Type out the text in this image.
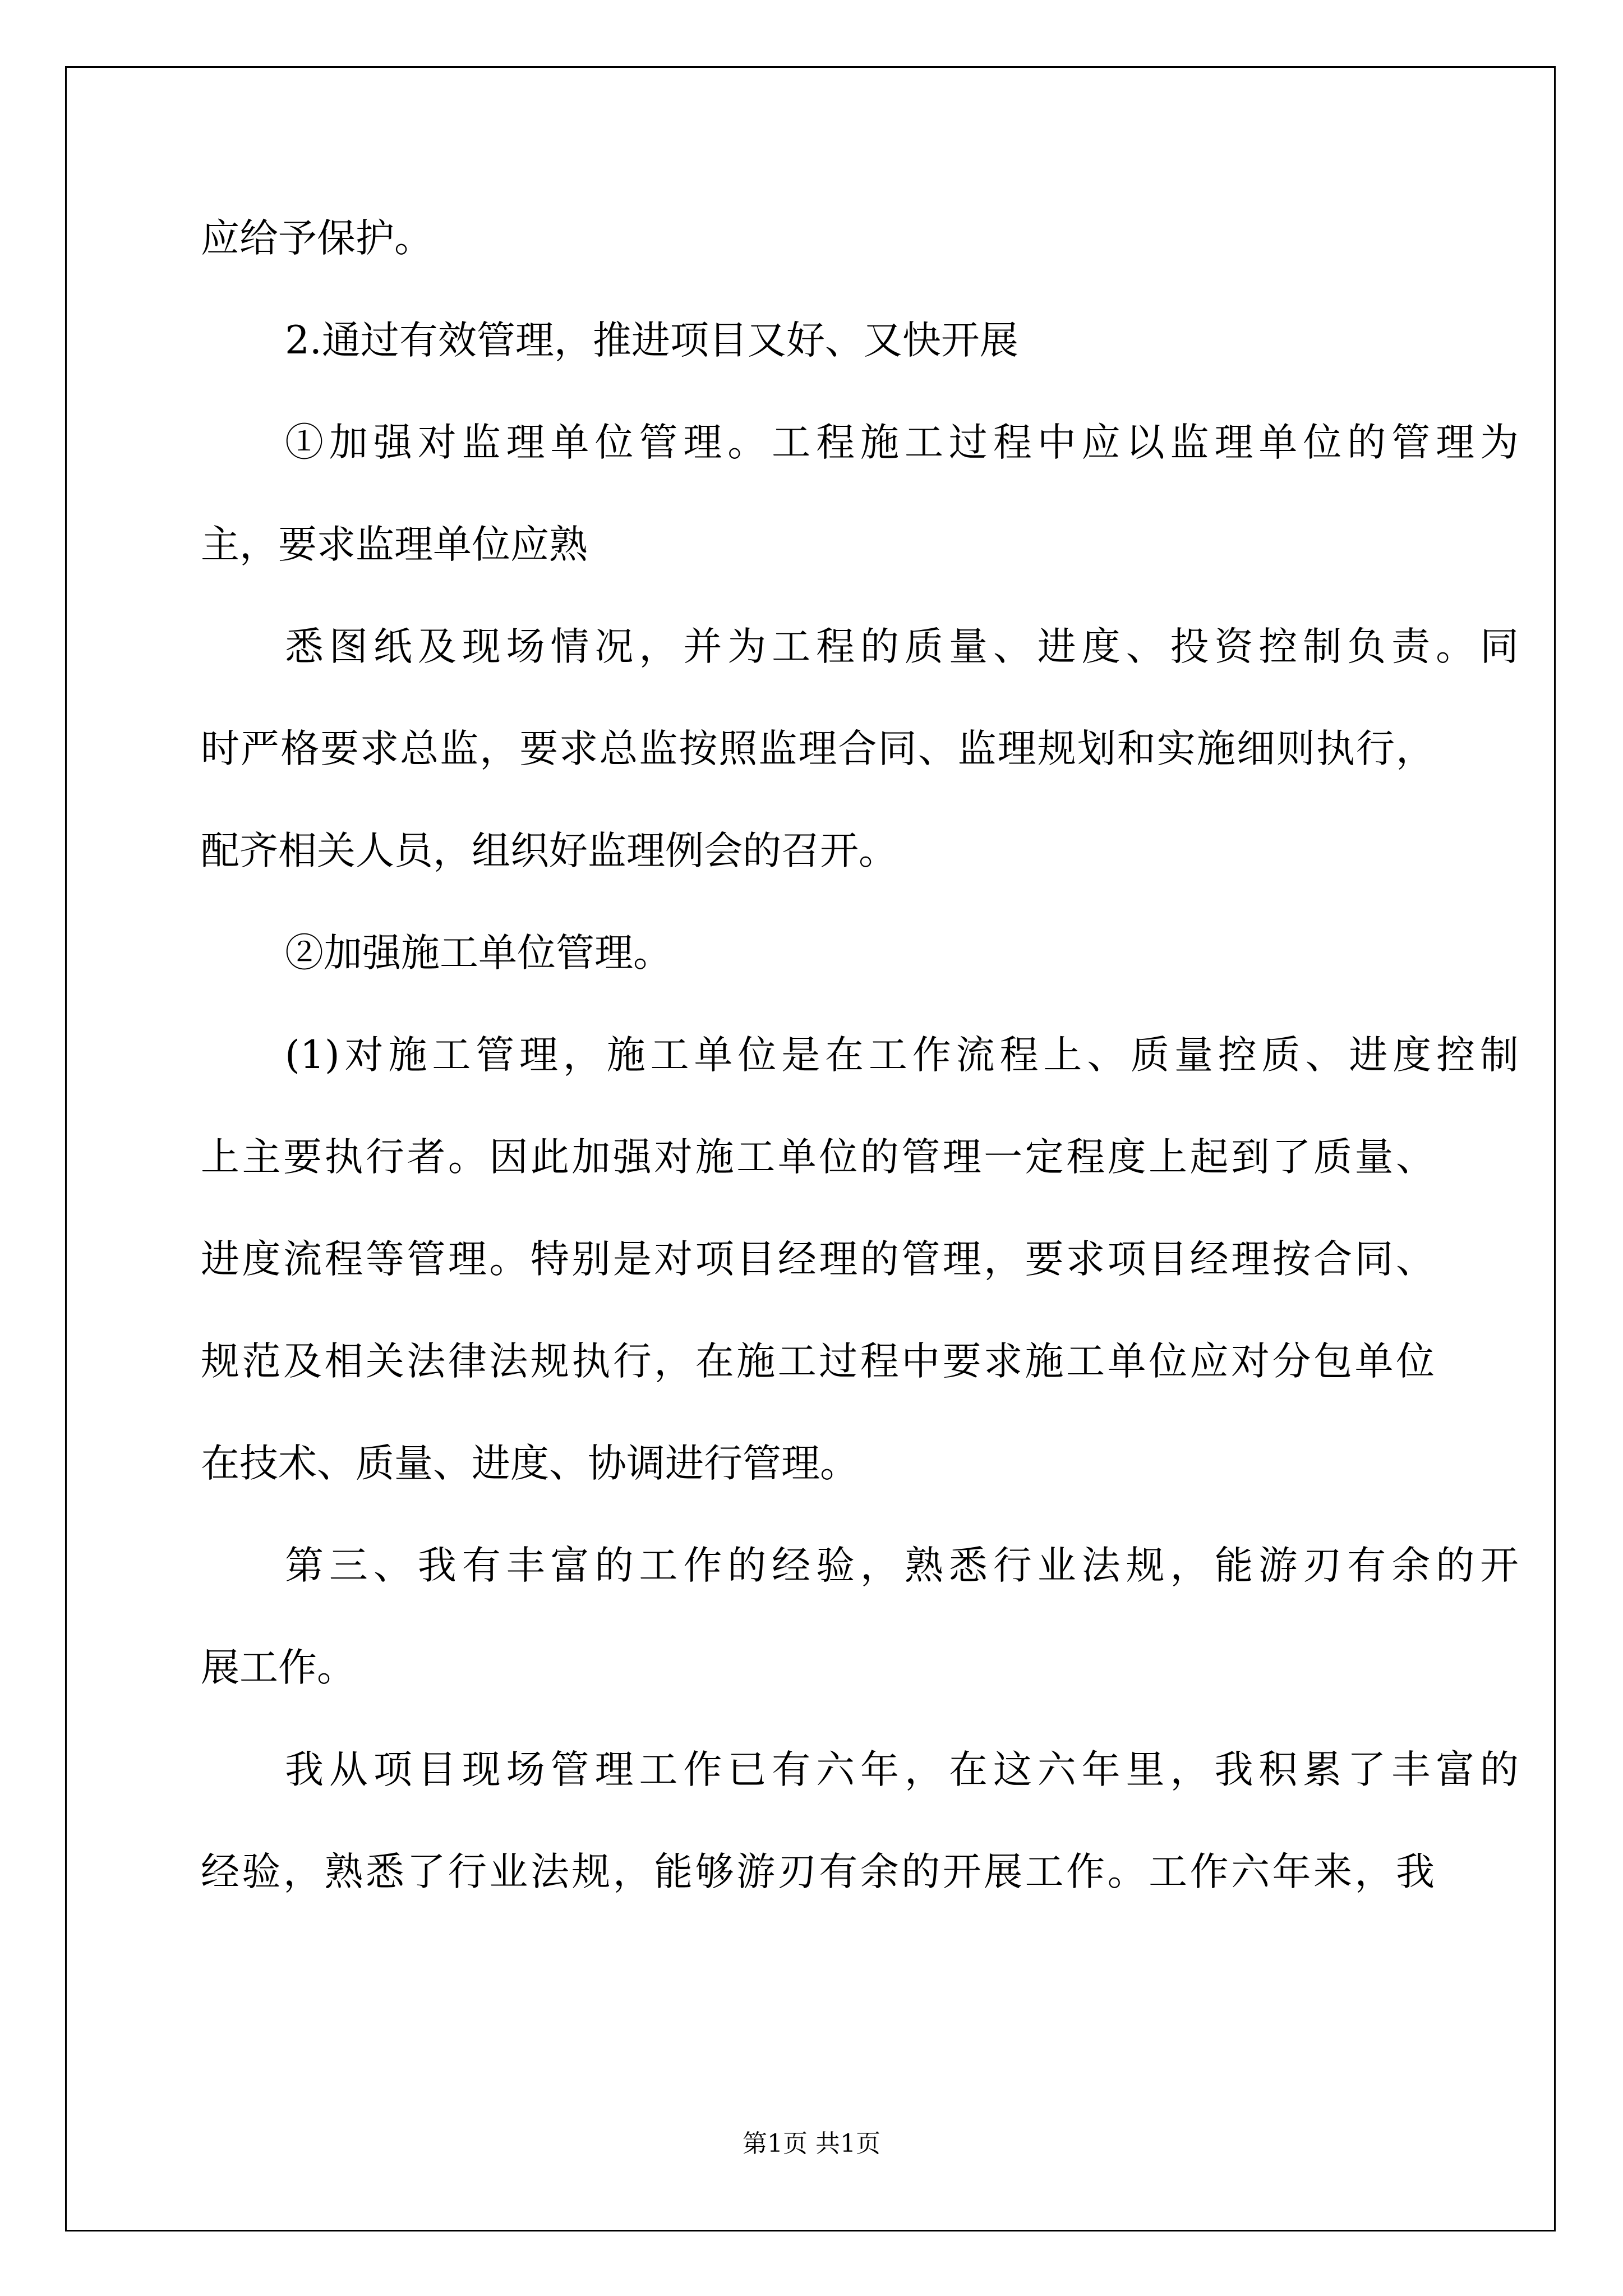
应给予保护。
2.通过有效管理，推进项目又好、又快开展
①加强对监理单位管理。工程施工过程中应以监理单位的管理为
主，要求监理单位应熟
悉图纸及现场情况，并为工程的质量、进度、投资控制负责。同
时严格要求总监，要求总监按照监理合同、监理规划和实施细则执行，
配齐相关人员，组织好监理例会的召开。
②加强施工单位管理。
(1)对施工管理，施工单位是在工作流程上、质量控质、进度控制
上主要执行者。因此加强对施工单位的管理一定程度上起到了质量、
进度流程等管理。特别是对项目经理的管理，要求项目经理按合同、
规范及相关法律法规执行，在施工过程中要求施工单位应对分包单位
在技术、质量、进度、协调进行管理。
第三、我有丰富的工作的经验，熟悉行业法规，能游刃有余的开
展工作。
我从项目现场管理工作已有六年，在这六年里，我积累了丰富的
经验，熟悉了行业法规，能够游刃有余的开展工作。工作六年来，我
第1页 共1页
